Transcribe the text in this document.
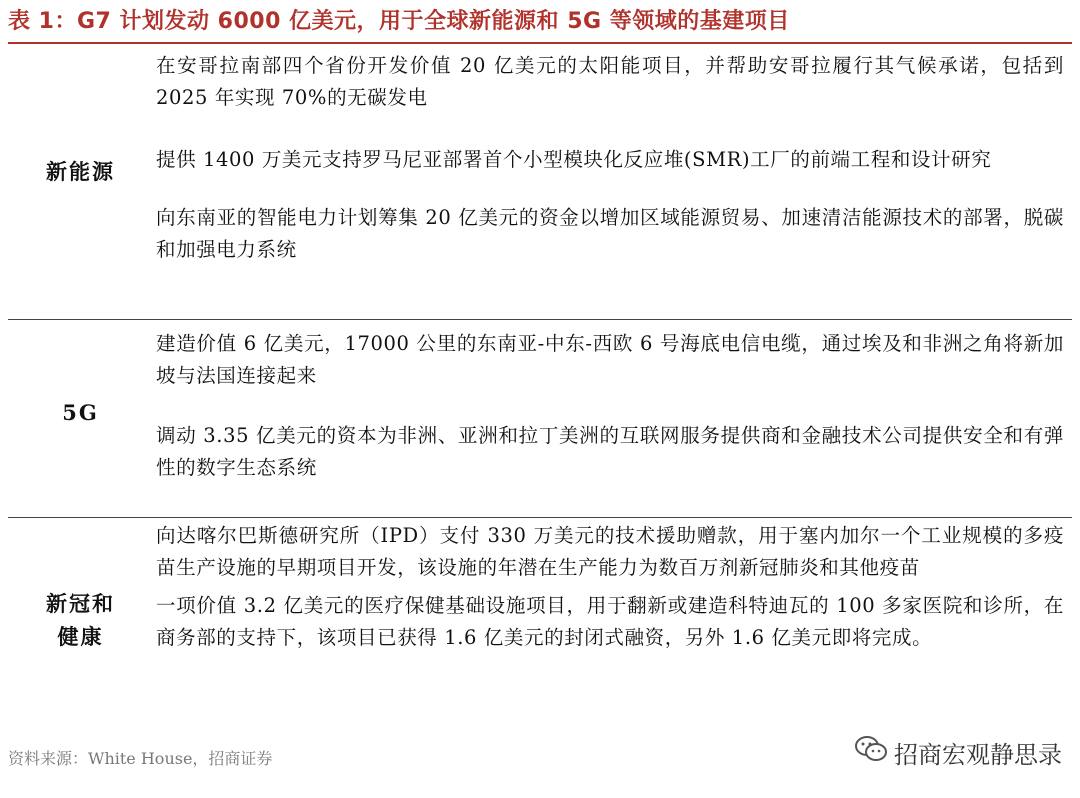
表 1：G7 计划发动 6000 亿美元，用于全球新能源和 5G 等领域的基建项目
新能源
在安哥拉南部四个省份开发价值 20 亿美元的太阳能项目，并帮助安哥拉履行其气候承诺，包括到 2025 年实现 70%的无碳发电
提供 1400 万美元支持罗马尼亚部署首个小型模块化反应堆(SMR)工厂的前端工程和设计研究
向东南亚的智能电力计划筹集 20 亿美元的资金以增加区域能源贸易、加速清洁能源技术的部署，脱碳和加强电力系统
5G
建造价值 6 亿美元，17000 公里的东南亚-中东-西欧 6 号海底电信电缆，通过埃及和非洲之角将新加坡与法国连接起来
调动 3.35 亿美元的资本为非洲、亚洲和拉丁美洲的互联网服务提供商和金融技术公司提供安全和有弹性的数字生态系统
新冠和
健康
向达喀尔巴斯德研究所（IPD）支付 330 万美元的技术援助赠款，用于塞内加尔一个工业规模的多疫苗生产设施的早期项目开发，该设施的年潜在生产能力为数百万剂新冠肺炎和其他疫苗
一项价值 3.2 亿美元的医疗保健基础设施项目，用于翻新或建造科特迪瓦的 100 多家医院和诊所，在商务部的支持下，该项目已获得 1.6 亿美元的封闭式融资，另外 1.6 亿美元即将完成。
资料来源：White House，招商证券	招商宏观静思录
